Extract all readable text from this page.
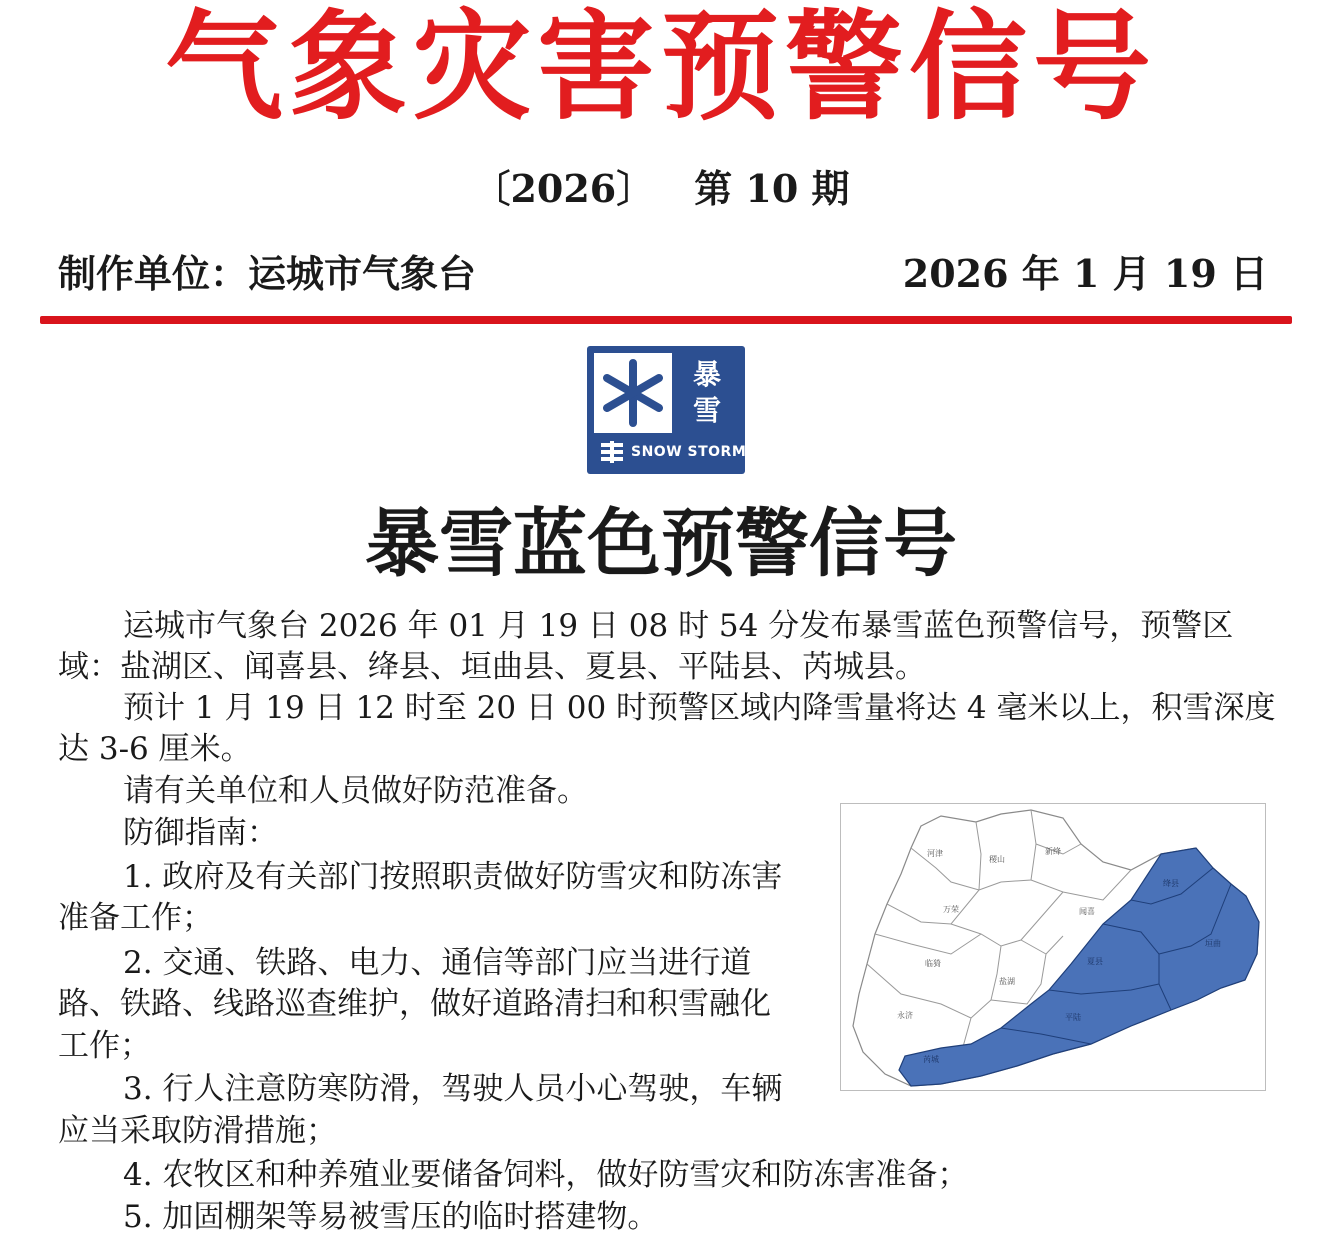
气象灾害预警信号
〔2026〕 第 10 期
制作单位：运城市气象台	2026 年 1 月 19 日
暴
雪
SNOW STORM
暴雪蓝色预警信号

运城市气象台 2026 年 01 月 19 日 08 时 54 分发布暴雪蓝色预警信号，预警区

域：盐湖区、闻喜县、绛县、垣曲县、夏县、平陆县、芮城县。

预计 1 月 19 日 12 时至 20 日 00 时预警区域内降雪量将达 4 毫米以上，积雪深度

达 3-6 厘米。

请有关单位和人员做好防范准备。

防御指南：

1. 政府及有关部门按照职责做好防雪灾和防冻害

准备工作；

2. 交通、铁路、电力、通信等部门应当进行道

路、铁路、线路巡查维护，做好道路清扫和积雪融化

工作；

3. 行人注意防寒防滑，驾驶人员小心驾驶，车辆

应当采取防滑措施；

4. 农牧区和种养殖业要储备饲料，做好防雪灾和防冻害准备；

5. 加固棚架等易被雪压的临时搭建物。

河津
稷山
新绛
绛县
万荣	闻喜
临猗
垣曲
夏县
盐湖
永济	平陆
芮城
